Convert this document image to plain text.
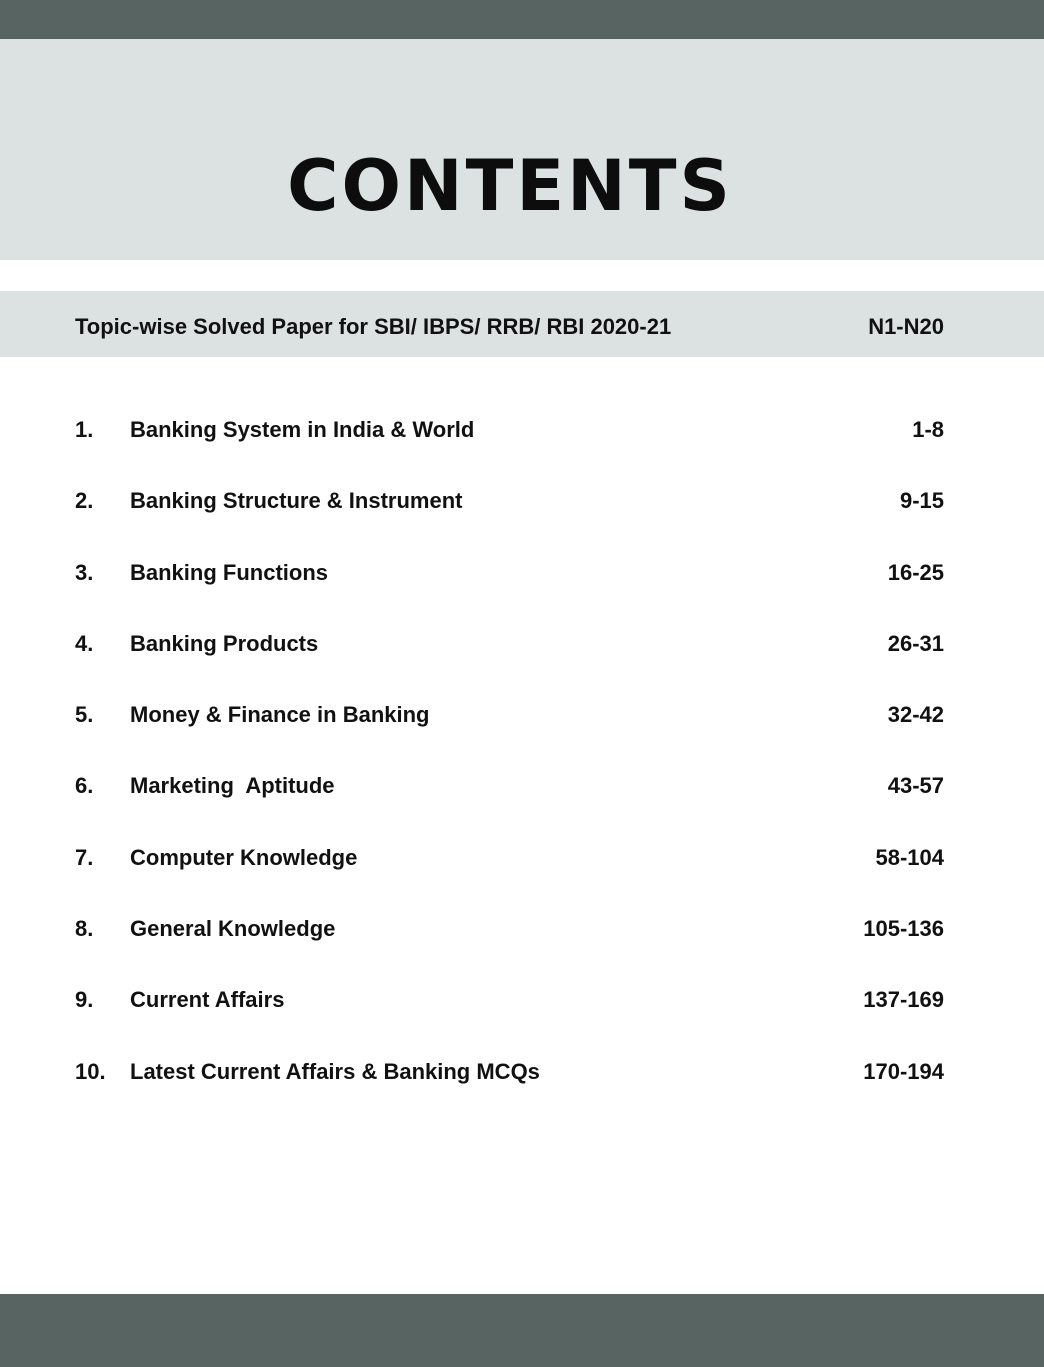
CONTENTS
Topic-wise Solved Paper for SBI/ IBPS/ RRB/ RBI 2020-21	N1-N20
1. Banking System in India & World	1-8
2. Banking Structure & Instrument	9-15
3. Banking Functions	16-25
4. Banking Products	26-31
5. Money & Finance in Banking	32-42
6. Marketing  Aptitude	43-57
7. Computer Knowledge	58-104
8. General Knowledge	105-136
9. Current Affairs	137-169
10. Latest Current Affairs & Banking MCQs	170-194
